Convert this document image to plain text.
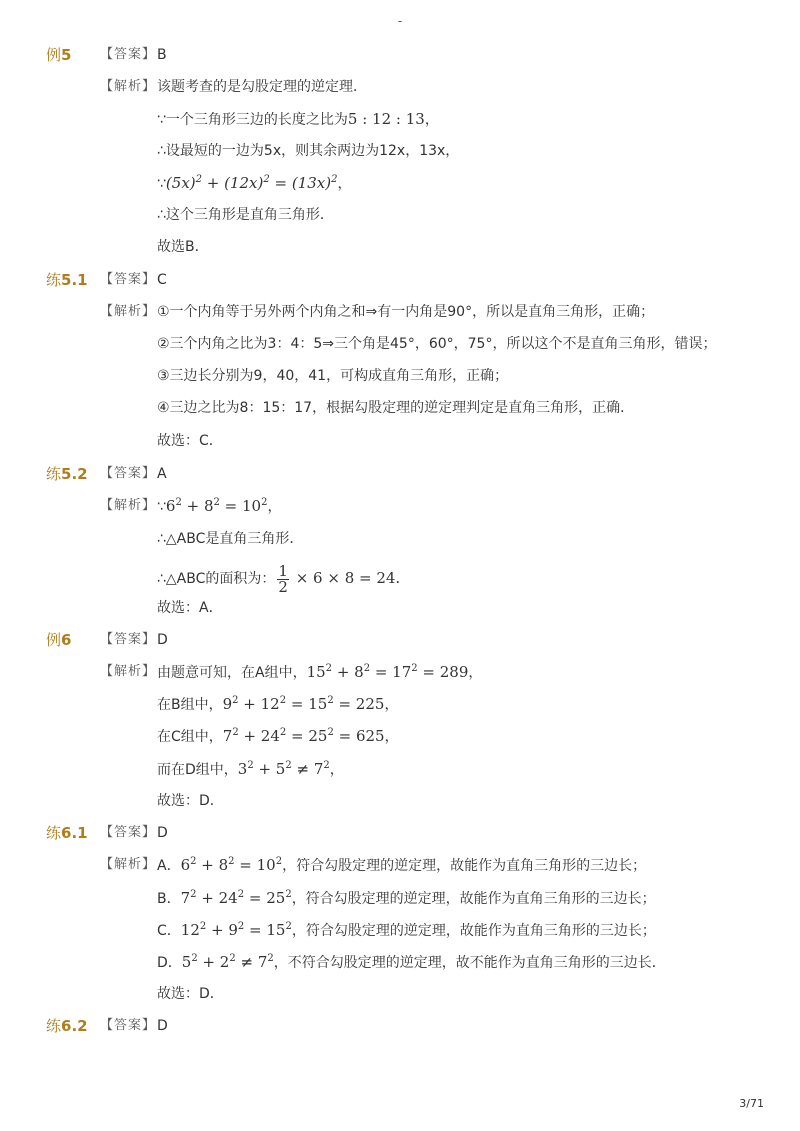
-
例5 【答案】 B
【解析】 该题考查的是勾股定理的逆定理．
∵一个三角形三边的长度之比为5 : 12 : 13，
∴设最短的一边为5x，则其余两边为12x，13x，
$\because(5x)^2 + (12x)^2 = (13x)^2$，
∴这个三角形是直角三角形．
故选B．
练5.1 【答案】 C
【解析】 ①一个内角等于另外两个内角之和⇒有一内角是90°，所以是直角三角形，正确；
②三个内角之比为3：4：5⇒三个角是45°，60°，75°，所以这个不是直角三角形，错误；
③三边长分别为9，40，41，可构成直角三角形，正确；
④三边之比为8：15：17，根据勾股定理的逆定理判定是直角三角形，正确．
故选：C．
练5.2 【答案】 A
【解析】 $\because 6^2 + 8^2 = 10^2$，
∴△ABC是直角三角形．
∴△ABC的面积为： $\frac{1}{2} \times 6 \times 8 = 24$.
故选：A．
例6 【答案】 D
【解析】 由题意可知，在A组中，$15^2 + 8^2 = 17^2 = 289$，
在B组中，$9^2 + 12^2 = 15^2 = 225$，
在C组中，$7^2 + 24^2 = 25^2 = 625$，
而在D组中，$3^2 + 5^2 \ne 7^2$，
故选：D．
练6.1 【答案】 D
【解析】 A．$6^2 + 8^2 = 10^2$，符合勾股定理的逆定理，故能作为直角三角形的三边长；
B．$7^2 + 24^2 = 25^2$，符合勾股定理的逆定理，故能作为直角三角形的三边长；
C．$12^2 + 9^2 = 15^2$，符合勾股定理的逆定理，故能作为直角三角形的三边长；
D．$5^2 + 2^2 \ne 7^2$，不符合勾股定理的逆定理，故不能作为直角三角形的三边长．
故选：D．
练6.2 【答案】 D
3/71
